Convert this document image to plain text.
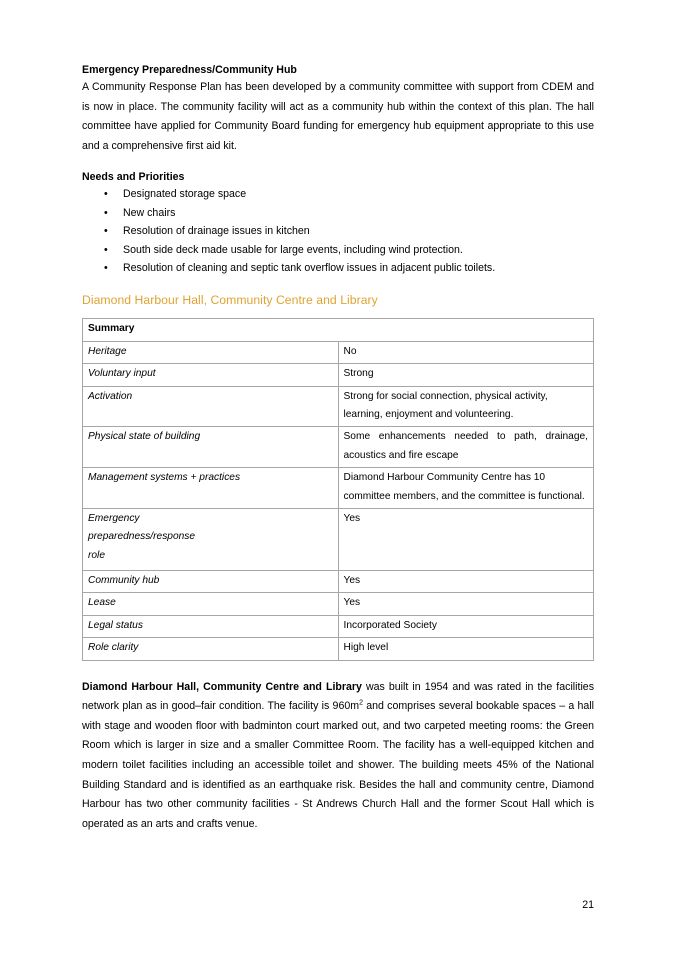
Emergency Preparedness/Community Hub

A Community Response Plan has been developed by a community committee with support from CDEM and is now in place. The community facility will act as a community hub within the context of this plan. The hall committee have applied for Community Board funding for emergency hub equipment appropriate to this use and a comprehensive first aid kit.

Needs and Priorities
• Designated storage space
• New chairs
• Resolution of drainage issues in kitchen
• South side deck made usable for large events, including wind protection.
• Resolution of cleaning and septic tank overflow issues in adjacent public toilets.
Diamond Harbour Hall, Community Centre and Library
Summary	
Heritage	No
Voluntary input	Strong
Activation	Strong for social connection, physical activity, learning, enjoyment and volunteering.
Physical state of building	Some enhancements needed to path, drainage, acoustics and fire escape
Management systems + practices	Diamond Harbour Community Centre has 10 committee members, and the committee is functional.

Emergency
preparedness/response
role	Yes
Community hub	Yes
Lease	Yes
Legal status	Incorporated Society
Role clarity	High level

Diamond Harbour Hall, Community Centre and Library was built in 1954 and was rated in the facilities network plan as in good–fair condition. The facility is $960m^2$ and comprises several bookable spaces – a hall with stage and wooden floor with badminton court marked out, and two carpeted meeting rooms: the Green Room which is larger in size and a smaller Committee Room. The facility has a well-equipped kitchen and modern toilet facilities including an accessible toilet and shower. The building meets 45% of the National Building Standard and is identified as an earthquake risk. Besides the hall and community centre, Diamond Harbour has two other community facilities - St Andrews Church Hall and the former Scout Hall which is operated as an arts and crafts venue.

21
